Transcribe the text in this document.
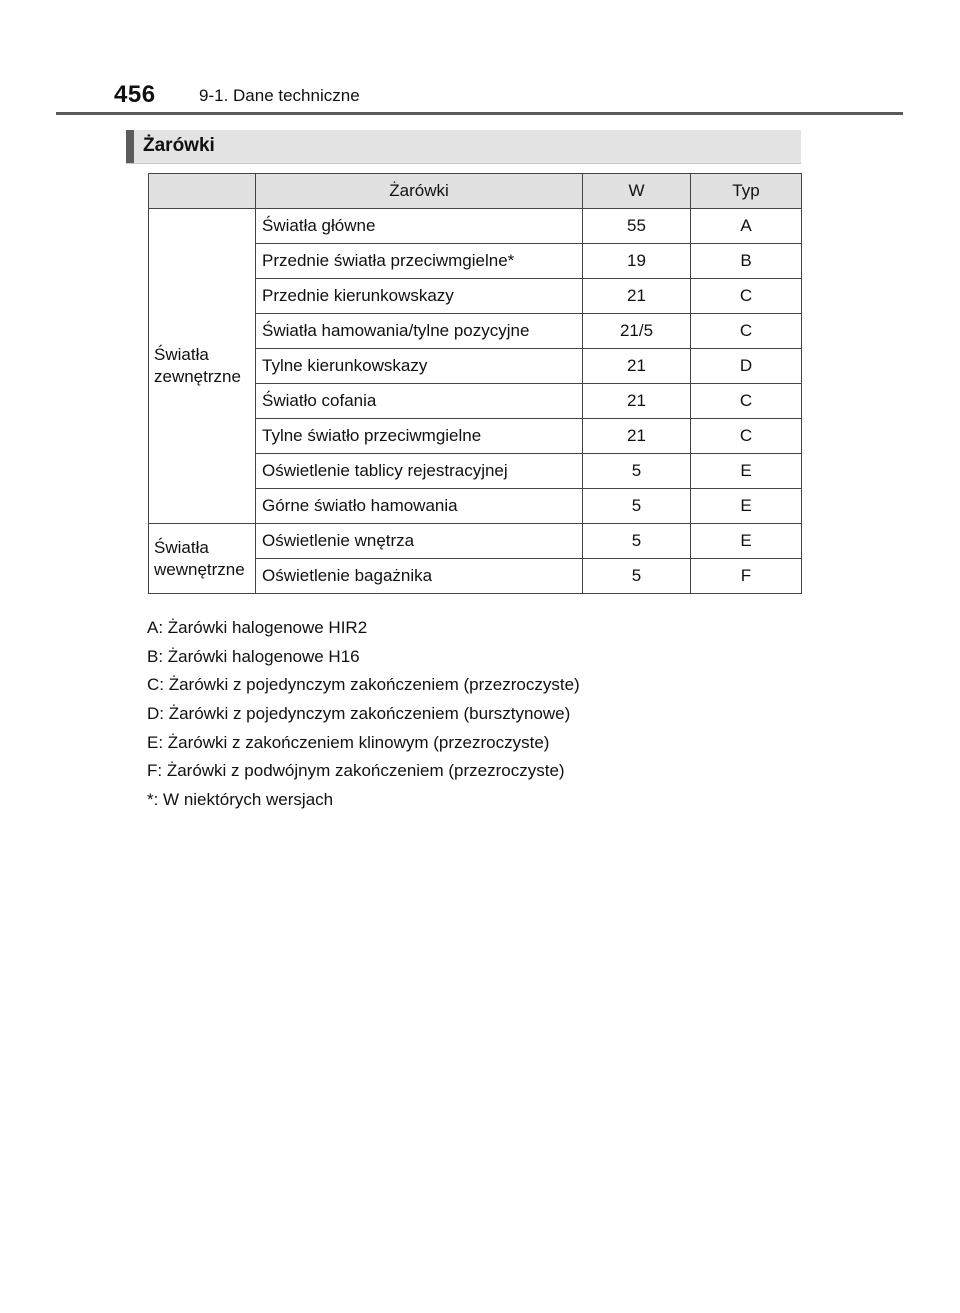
456	9-1. Dane techniczne
Żarówki
	Żarówki	W	Typ
Światła
zewnętrzne	Światła główne	55	A
	Przednie światła przeciwmgielne*	19	B
	Przednie kierunkowskazy	21	C
	Światła hamowania/tylne pozycyjne	21/5	C
	Tylne kierunkowskazy	21	D
	Światło cofania	21	C
	Tylne światło przeciwmgielne	21	C
	Oświetlenie tablicy rejestracyjnej	5	E
	Górne światło hamowania	5	E
Światła
wewnętrzne	Oświetlenie wnętrza	5	E
	Oświetlenie bagażnika	5	F
A: Żarówki halogenowe HIR2
B: Żarówki halogenowe H16
C: Żarówki z pojedynczym zakończeniem (przezroczyste)
D: Żarówki z pojedynczym zakończeniem (bursztynowe)
E: Żarówki z zakończeniem klinowym (przezroczyste)
F: Żarówki z podwójnym zakończeniem (przezroczyste)
*: W niektórych wersjach
